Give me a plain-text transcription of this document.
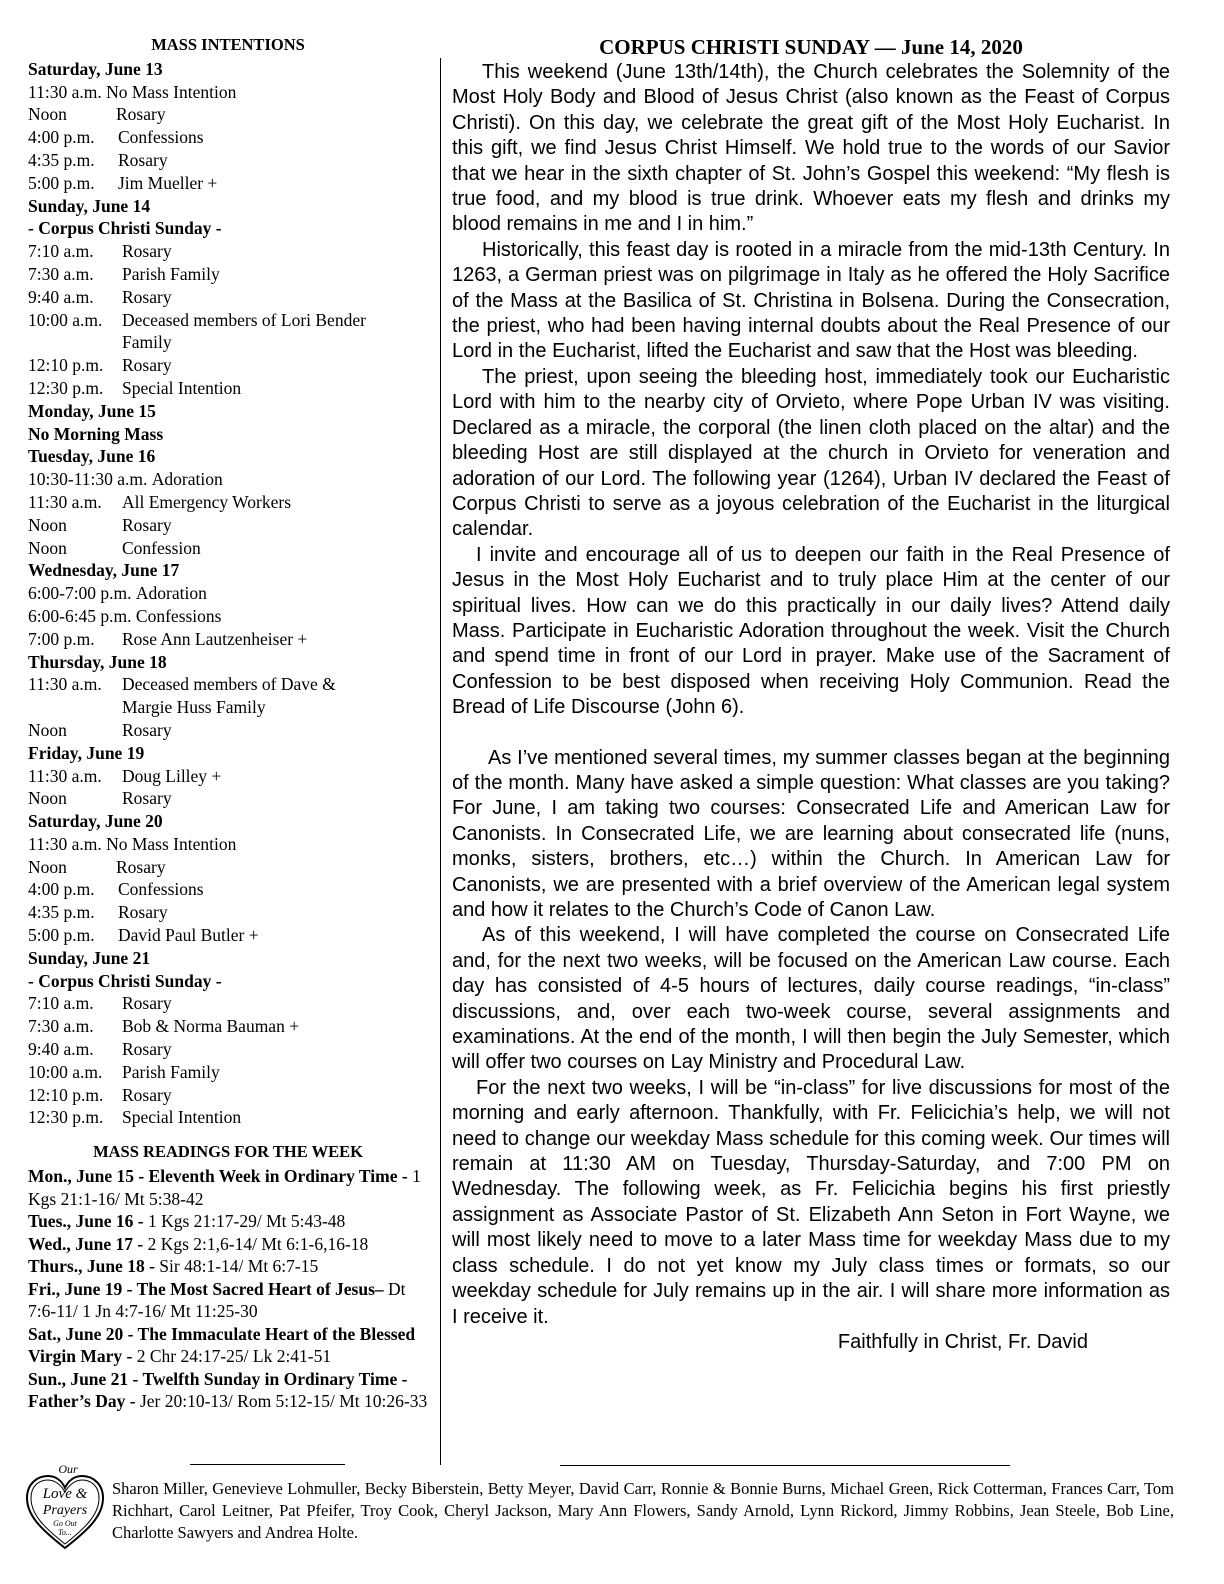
MASS INTENTIONS
Saturday, June 13
11:30 a.m. No Mass Intention
Noon	Rosary
4:00 p.m.	Confessions
4:35 p.m.	Rosary
5:00 p.m.	Jim Mueller +
Sunday, June 14
- Corpus Christi Sunday -
7:10 a.m.	Rosary
7:30 a.m.	Parish Family
9:40 a.m.	Rosary
10:00 a.m.	Deceased members of Lori Bender
Family
12:10 p.m.	Rosary
12:30 p.m.	Special Intention
Monday, June 15
No Morning Mass
Tuesday, June 16
10:30-11:30 a.m. Adoration
11:30 a.m.	All Emergency Workers
Noon	Rosary
Noon	Confession
Wednesday, June 17
6:00-7:00 p.m. Adoration
6:00-6:45 p.m. Confessions
7:00 p.m.	Rose Ann Lautzenheiser +
Thursday, June 18
11:30 a.m.	Deceased members of Dave &
Margie Huss Family
Noon	Rosary
Friday, June 19
11:30 a.m.	Doug Lilley +
Noon	Rosary
Saturday, June 20
11:30 a.m. No Mass Intention
Noon	Rosary
4:00 p.m.	Confessions
4:35 p.m.	Rosary
5:00 p.m.	David Paul Butler +
Sunday, June 21
- Corpus Christi Sunday -
7:10 a.m.	Rosary
7:30 a.m.	Bob & Norma Bauman +
9:40 a.m.	Rosary
10:00 a.m.	Parish Family
12:10 p.m.	Rosary
12:30 p.m.	Special Intention
MASS READINGS FOR THE WEEK
Mon., June 15 - Eleventh Week in Ordinary Time - 1 Kgs 21:1-16/ Mt 5:38-42
Tues., June 16 - 1 Kgs 21:17-29/ Mt 5:43-48
Wed., June 17 - 2 Kgs 2:1,6-14/ Mt 6:1-6,16-18
Thurs., June 18 - Sir 48:1-14/ Mt 6:7-15
Fri., June 19 - The Most Sacred Heart of Jesus– Dt 7:6-11/ 1 Jn 4:7-16/ Mt 11:25-30
Sat., June 20 - The Immaculate Heart of the Blessed Virgin Mary - 2 Chr 24:17-25/ Lk 2:41-51
Sun., June 21 - Twelfth Sunday in Ordinary Time - Father’s Day - Jer 20:10-13/ Rom 5:12-15/ Mt 10:26-33
CORPUS CHRISTI SUNDAY — June 14, 2020

This weekend (June 13th/14th), the Church celebrates the Solemnity of the Most Holy Body and Blood of Jesus Christ (also known as the Feast of Corpus Christi). On this day, we celebrate the great gift of the Most Holy Eucharist. In this gift, we find Jesus Christ Himself. We hold true to the words of our Savior that we hear in the sixth chapter of St. John’s Gospel this weekend: “My flesh is true food, and my blood is true drink. Whoever eats my flesh and drinks my blood remains in me and I in him.”

Historically, this feast day is rooted in a miracle from the mid-13th Century. In 1263, a German priest was on pilgrimage in Italy as he offered the Holy Sacrifice of the Mass at the Basilica of St. Christina in Bolsena. During the Consecration, the priest, who had been having internal doubts about the Real Presence of our Lord in the Eucharist, lifted the Eucharist and saw that the Host was bleeding.

The priest, upon seeing the bleeding host, immediately took our Eucharistic Lord with him to the nearby city of Orvieto, where Pope Urban IV was visiting. Declared as a miracle, the corporal (the linen cloth placed on the altar) and the bleeding Host are still displayed at the church in Orvieto for veneration and adoration of our Lord. The following year (1264), Urban IV declared the Feast of Corpus Christi to serve as a joyous celebration of the Eucharist in the liturgical calendar.

I invite and encourage all of us to deepen our faith in the Real Presence of Jesus in the Most Holy Eucharist and to truly place Him at the center of our spiritual lives. How can we do this practically in our daily lives? Attend daily Mass. Participate in Eucharistic Adoration throughout the week. Visit the Church and spend time in front of our Lord in prayer. Make use of the Sacrament of Confession to be best disposed when receiving Holy Communion. Read the Bread of Life Discourse (John 6).

As I’ve mentioned several times, my summer classes began at the beginning of the month. Many have asked a simple question: What classes are you taking? For June, I am taking two courses: Consecrated Life and American Law for Canonists. In Consecrated Life, we are learning about consecrated life (nuns, monks, sisters, brothers, etc…) within the Church. In American Law for Canonists, we are presented with a brief overview of the American legal system and how it relates to the Church’s Code of Canon Law.

As of this weekend, I will have completed the course on Consecrated Life and, for the next two weeks, will be focused on the American Law course. Each day has consisted of 4-5 hours of lectures, daily course readings, “in-class” discussions, and, over each two-week course, several assignments and examinations. At the end of the month, I will then begin the July Semester, which will offer two courses on Lay Ministry and Procedural Law.

For the next two weeks, I will be “in-class” for live discussions for most of the morning and early afternoon. Thankfully, with Fr. Felicichia’s help, we will not need to change our weekday Mass schedule for this coming week. Our times will remain at 11:30 AM on Tuesday, Thursday-Saturday, and 7:00 PM on Wednesday. The following week, as Fr. Felicichia begins his first priestly assignment as Associate Pastor of St. Elizabeth Ann Seton in Fort Wayne, we will most likely need to move to a later Mass time for weekday Mass due to my class schedule. I do not yet know my July class times or formats, so our weekday schedule for July remains up in the air. I will share more information as I receive it.

Faithfully in Christ, Fr. David
Our
Love &
Prayers
Go Out
To...
Sharon Miller, Genevieve Lohmuller, Becky Biberstein, Betty Meyer, David Carr, Ronnie & Bonnie Burns, Michael Green, Rick Cotterman, Frances Carr, Tom Richhart, Carol Leitner, Pat Pfeifer, Troy Cook, Cheryl Jackson, Mary Ann Flowers, Sandy Arnold, Lynn Rickord, Jimmy Robbins, Jean Steele, Bob Line, Charlotte Sawyers and Andrea Holte.
